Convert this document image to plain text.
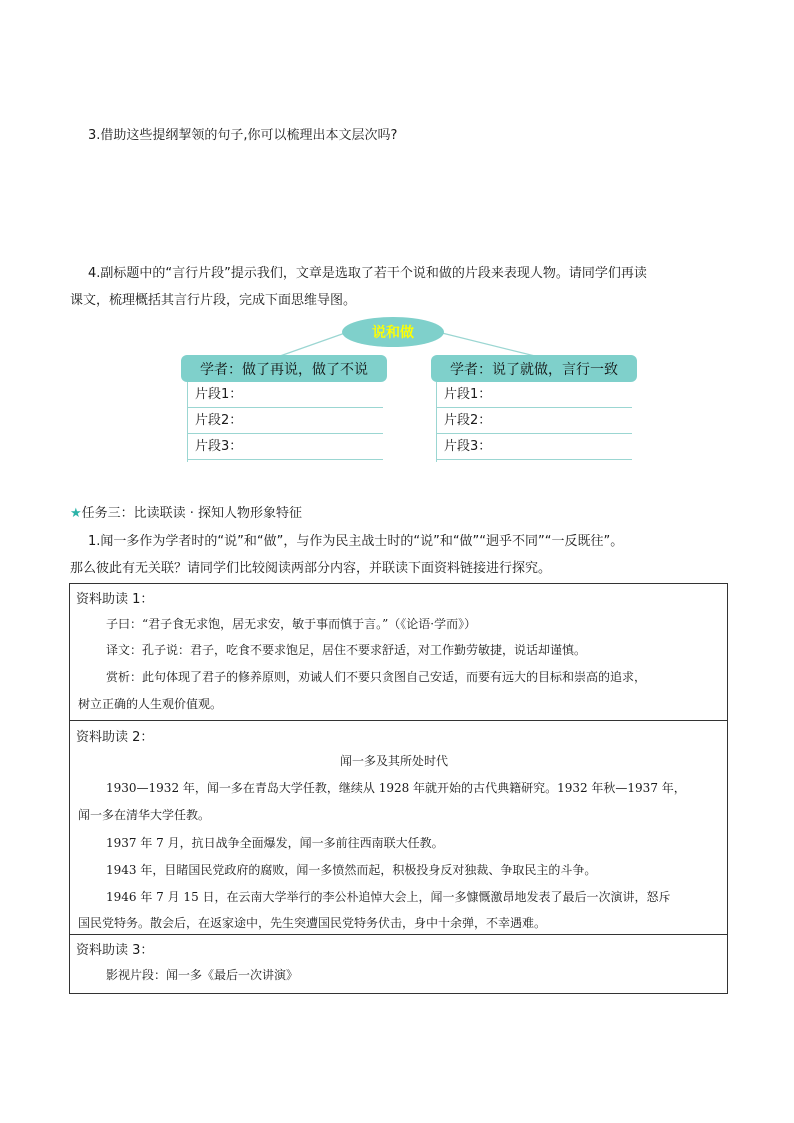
3.借助这些提纲挈领的句子,你可以梳理出本文层次吗?
4.副标题中的“言行片段”提示我们，文章是选取了若干个说和做的片段来表现人物。请同学们再读
课文，梳理概括其言行片段，完成下面思维导图。
说和做
学者：做了再说，做了不说
片段1：
片段2：
片段3：
学者：说了就做，言行一致
片段1：
片段2：
片段3：
★任务三：比读联读 · 探知人物形象特征
1.闻一多作为学者时的“说”和“做”，与作为民主战士时的“说”和“做”“迥乎不同”“一反既往”。
那么彼此有无关联？请同学们比较阅读两部分内容，并联读下面资料链接进行探究。
资料助读 1：
子曰：“君子食无求饱，居无求安，敏于事而慎于言。”（《论语·学而》）
译文：孔子说：君子，吃食不要求饱足，居住不要求舒适，对工作勤劳敏捷，说话却谨慎。
赏析：此句体现了君子的修养原则，劝诫人们不要只贪图自己安适，而要有远大的目标和崇高的追求，
树立正确的人生观价值观。
资料助读 2：
闻一多及其所处时代
1930—1932 年，闻一多在青岛大学任教，继续从 1928 年就开始的古代典籍研究。1932 年秋—1937 年，
闻一多在清华大学任教。
1937 年 7 月，抗日战争全面爆发，闻一多前往西南联大任教。
1943 年，目睹国民党政府的腐败，闻一多愤然而起，积极投身反对独裁、争取民主的斗争。
1946 年 7 月 15 日，在云南大学举行的李公朴追悼大会上，闻一多慷慨激昂地发表了最后一次演讲，怒斥
国民党特务。散会后，在返家途中，先生突遭国民党特务伏击，身中十余弹，不幸遇难。
资料助读 3：
影视片段：闻一多《最后一次讲演》
